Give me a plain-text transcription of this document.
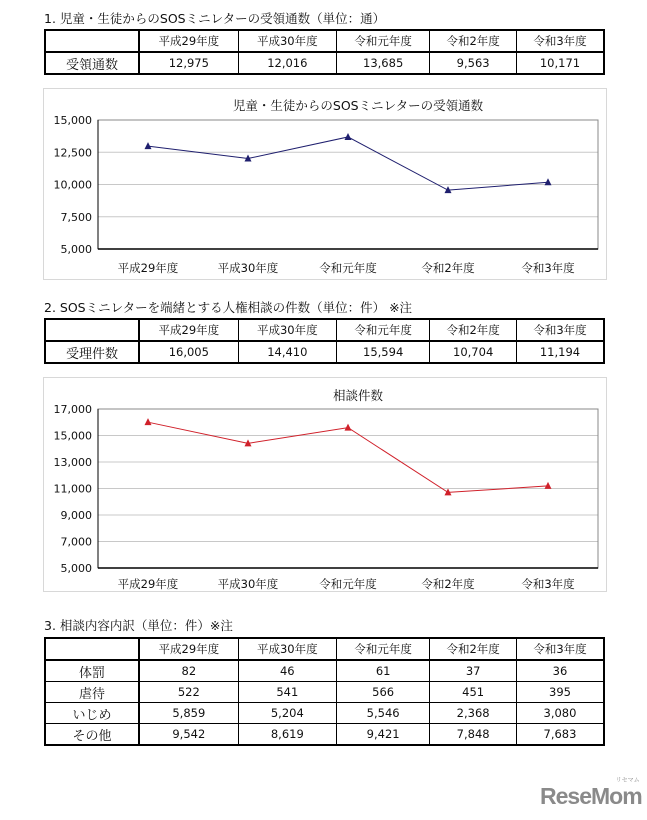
1. 児童・生徒からのSOSミニレターの受領通数（単位：通）
	平成29年度	平成30年度	令和元年度	令和2年度	令和3年度
受領通数	12,975	12,016	13,685	9,563	10,171
児童・生徒からのSOSミニレターの受領通数
5,000
7,500
10,000
12,500
15,000
平成29年度	平成30年度	令和元年度	令和2年度	令和3年度
2. SOSミニレターを端緒とする人権相談の件数（単位：件） ※注
	平成29年度	平成30年度	令和元年度	令和2年度	令和3年度
受理件数	16,005	14,410	15,594	10,704	11,194
相談件数
5,000
7,000
9,000
11,000
13,000
15,000
17,000
平成29年度	平成30年度	令和元年度	令和2年度	令和3年度
3. 相談内容内訳（単位：件）※注
	平成29年度	平成30年度	令和元年度	令和2年度	令和3年度
体罰	82	46	61	37	36
虐待	522	541	566	451	395
いじめ	5,859	5,204	5,546	2,368	3,080
その他	9,542	8,619	9,421	7,848	7,683
ReseMom
リセマム
